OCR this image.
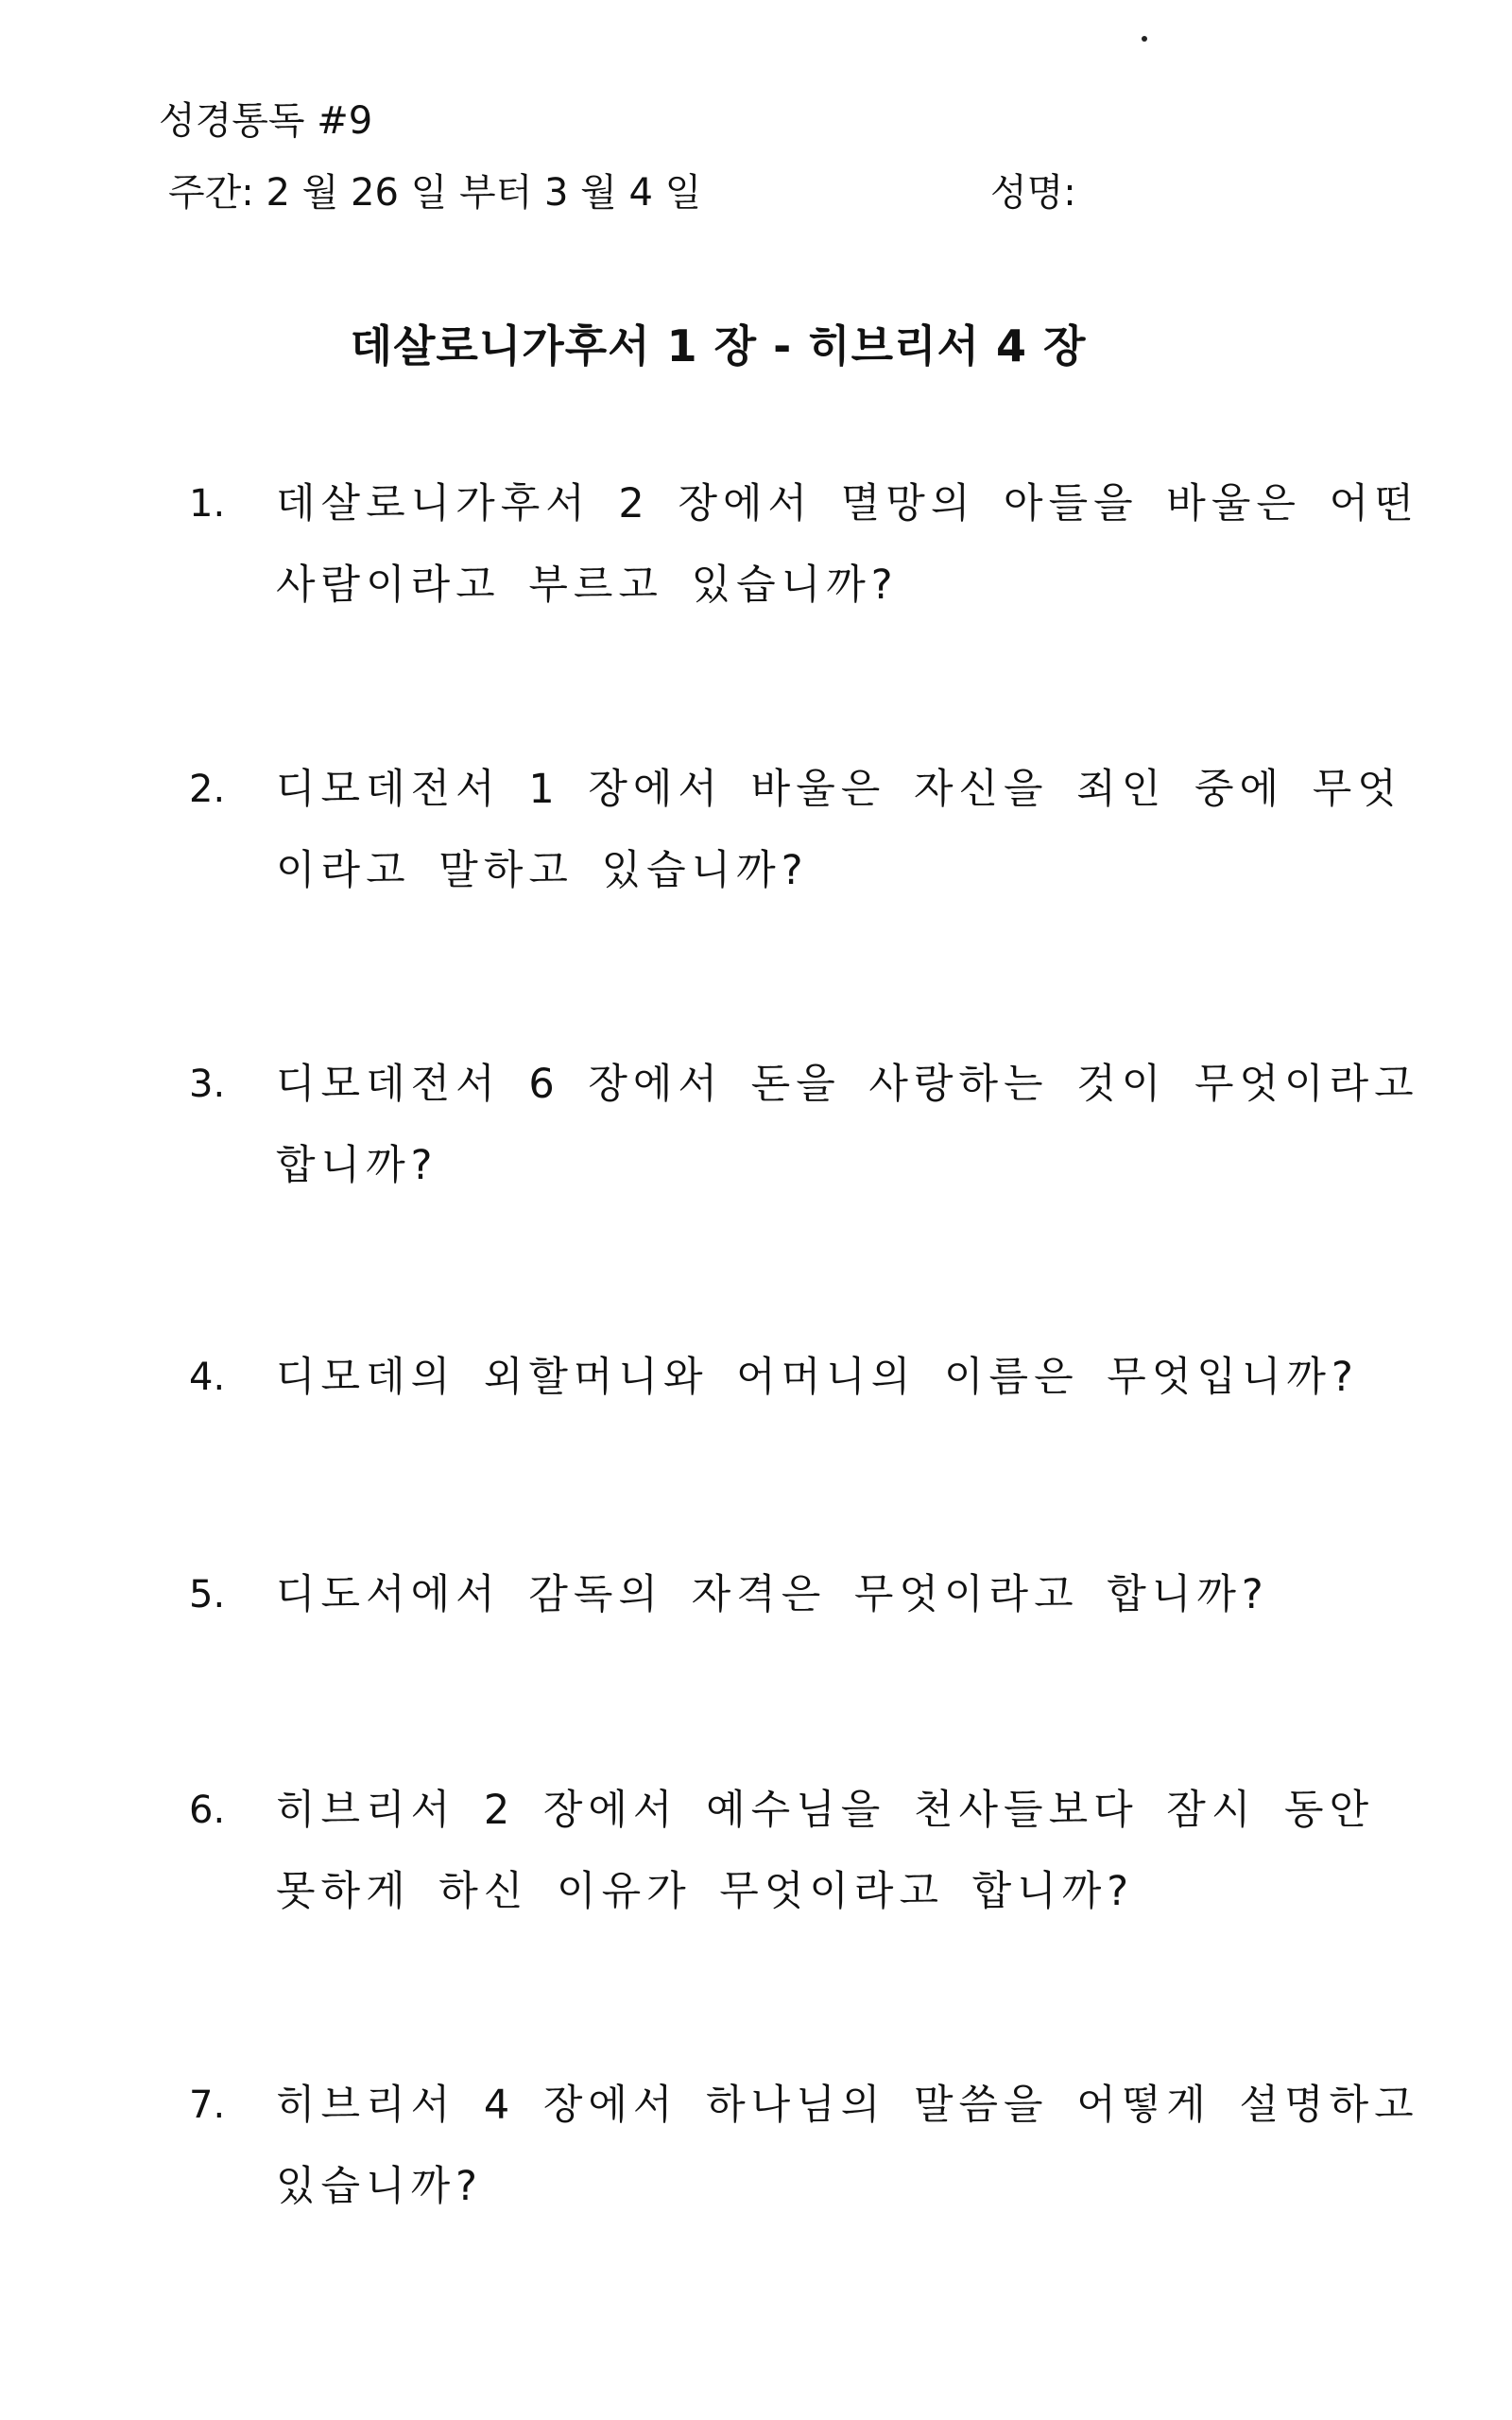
성경통독 #9
주간: 2 월 26 일 부터 3 월 4 일	성명:
데살로니가후서 1 장 - 히브리서 4 장
1.	데살로니가후서 2 장에서 멸망의 아들을 바울은 어떤 사람이라고 부르고 있습니까?
2.	디모데전서 1 장에서 바울은 자신을 죄인 중에 무엇이라고 말하고 있습니까?
3.	디모데전서 6 장에서 돈을 사랑하는 것이 무엇이라고 합니까?
4.	디모데의 외할머니와 어머니의 이름은 무엇입니까?
5.	디도서에서 감독의 자격은 무엇이라고 합니까?
6.	히브리서 2 장에서 예수님을 천사들보다 잠시 동안 못하게 하신 이유가 무엇이라고 합니까?
7.	히브리서 4 장에서 하나님의 말씀을 어떻게 설명하고 있습니까?
